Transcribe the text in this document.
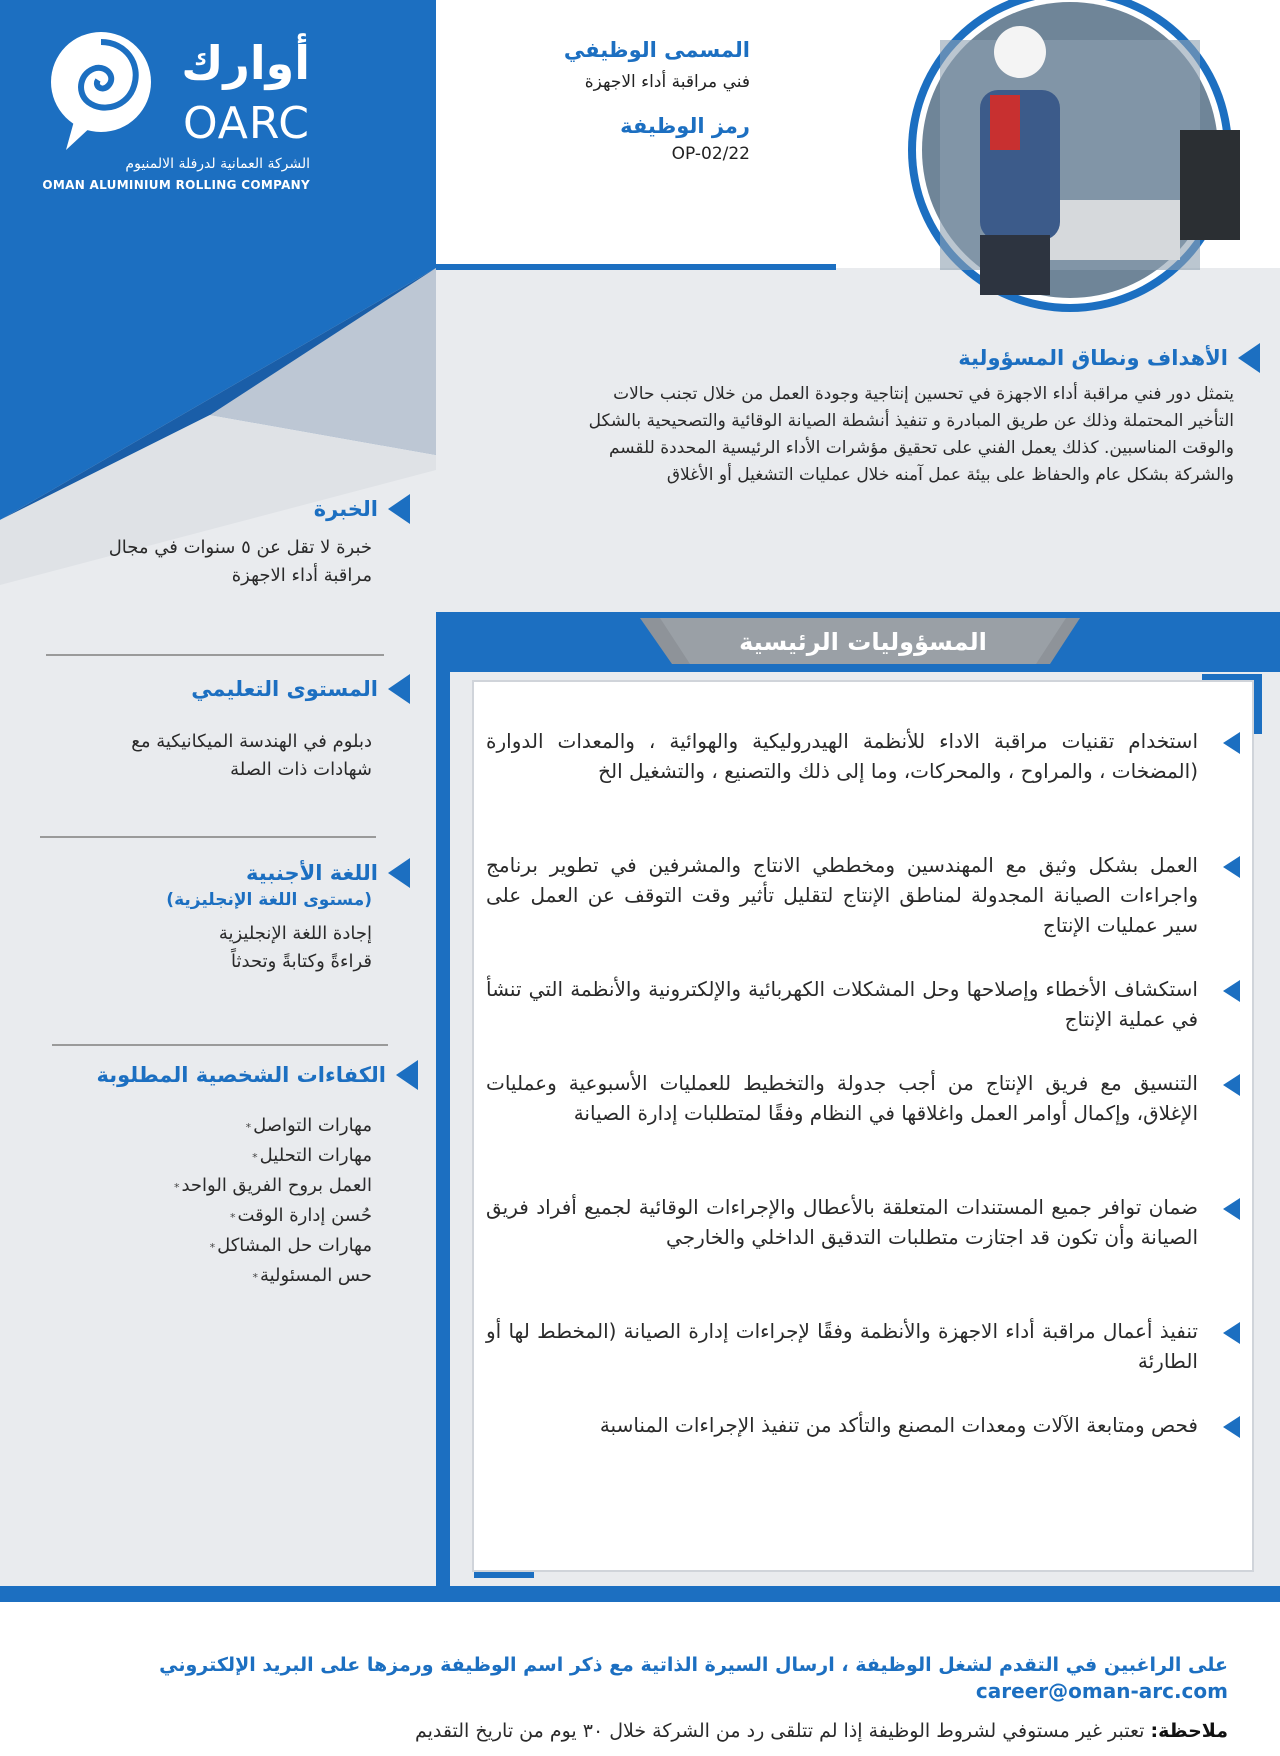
أوارك
OARC
الشركة العمانية لدرفلة الالمنيوم
OMAN ALUMINIUM ROLLING COMPANY
المسمى الوظيفي
فني مراقبة أداء الاجهزة
رمز الوظيفة
OP-02/22
الأهداف ونطاق المسؤولية
يتمثل دور فني مراقبة أداء الاجهزة في تحسين إنتاجية وجودة العمل من خلال تجنب حالات
التأخير المحتملة وذلك عن طريق المبادرة و تنفيذ أنشطة الصيانة الوقائية والتصحيحية بالشكل
والوقت المناسبين. كذلك يعمل الفني على تحقيق مؤشرات الأداء الرئيسية المحددة للقسم
والشركة بشكل عام والحفاظ على بيئة عمل آمنه خلال عمليات التشغيل أو الأغلاق
الخبرة
خبرة لا تقل عن ٥ سنوات في مجال
مراقبة أداء الاجهزة
المستوى التعليمي
دبلوم في الهندسة الميكانيكية مع
شهادات ذات الصلة
اللغة الأجنبية
(مستوى اللغة الإنجليزية)
إجادة اللغة الإنجليزية
قراءةً وكتابةً وتحدثاً
الكفاءات الشخصية المطلوبة
مهارات التواصل *
مهارات التحليل *
العمل بروح الفريق الواحد *
حُسن إدارة الوقت *
مهارات حل المشاكل *
حس المسئولية *
المسؤوليات الرئيسية
استخدام تقنيات مراقبة الاداء للأنظمة الهيدروليكية والهوائية ، والمعدات الدوارة (المضخات ، والمراوح ، والمحركات، وما إلى ذلك والتصنيع ، والتشغيل الخ
العمل بشكل وثيق مع المهندسين ومخططي الانتاج والمشرفين في تطوير برنامج واجراءات الصيانة المجدولة لمناطق الإنتاج لتقليل تأثير وقت التوقف عن العمل على سير عمليات الإنتاج
استكشاف الأخطاء وإصلاحها وحل المشكلات الكهربائية والإلكترونية والأنظمة التي تنشأ في عملية الإنتاج
التنسيق مع فريق الإنتاج من أجب جدولة والتخطيط للعمليات الأسبوعية وعمليات الإغلاق، وإكمال أوامر العمل واغلاقها في النظام وفقًا لمتطلبات إدارة الصيانة
ضمان توافر جميع المستندات المتعلقة بالأعطال والإجراءات الوقائية لجميع أفراد فريق الصيانة وأن تكون قد اجتازت متطلبات التدقيق الداخلي والخارجي
تنفيذ أعمال مراقبة أداء الاجهزة والأنظمة وفقًا لإجراءات إدارة الصيانة (المخطط لها أو الطارئة
فحص ومتابعة الآلات ومعدات المصنع والتأكد من تنفيذ الإجراءات المناسبة
على الراغبين في التقدم لشغل الوظيفة ، ارسال السيرة الذاتية مع ذكر اسم الوظيفة ورمزها على البريد الإلكتروني
career@oman-arc.com
ملاحظة: تعتبر غير مستوفي لشروط الوظيفة إذا لم تتلقى رد من الشركة خلال ٣٠ يوم من تاريخ التقديم
